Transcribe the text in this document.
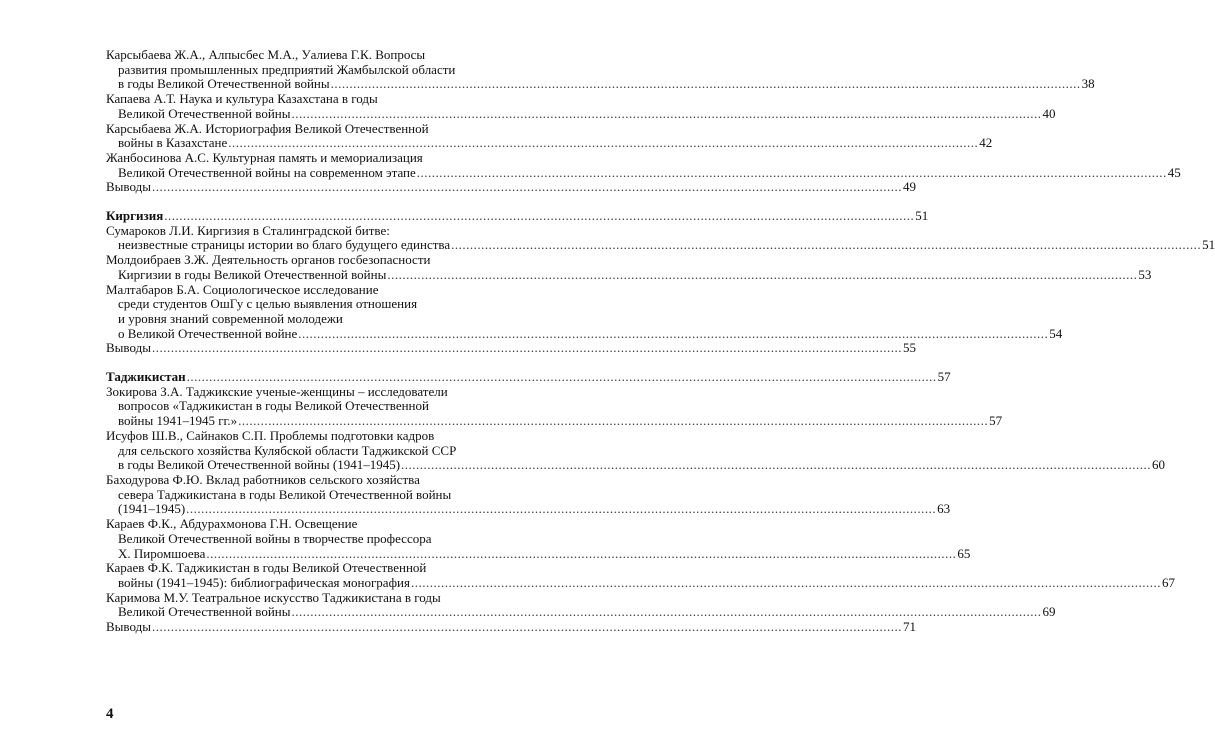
Карсыбаева Ж.А., Алпысбес М.А., Уалиева Г.К. Вопросы
развития промышленных предприятий Жамбылской области
в годы Великой Отечественной войны .....	38
Капаева А.Т. Наука и культура Казахстана в годы
Великой Отечественной войны .....	40
Карсыбаева Ж.А. Историография Великой Отечественной
войны в Казахстане .....	42
Жанбосинова А.С. Культурная память и мемориализация
Великой Отечественной войны на современном этапе .....	45
Выводы .....	49
Киргизия .....	51
Сумароков Л.И. Киргизия в Сталинградской битве:
неизвестные страницы истории во благо будущего единства .....	51
Молдоибраев З.Ж. Деятельность органов госбезопасности
Киргизии в годы Великой Отечественной войны .....	53
Малтабаров Б.А. Социологическое исследование
среди студентов ОшГу с целью выявления отношения
и уровня знаний современной молодежи
о Великой Отечественной войне .....	54
Выводы .....	55
Таджикистан .....	57
Зокирова З.А. Таджикские ученые-женщины – исследователи
вопросов «Таджикистан в годы Великой Отечественной
войны 1941–1945 гг.» .....	57
Исуфов Ш.В., Сайнаков С.П. Проблемы подготовки кадров
для сельского хозяйства Кулябской области Таджикской ССР
в годы Великой Отечественной войны (1941–1945) .....	60
Баходурова Ф.Ю. Вклад работников сельского хозяйства
севера Таджикистана в годы Великой Отечественной войны
(1941–1945) .....	63
Караев Ф.К., Абдурахмонова Г.Н. Освещение
Великой Отечественной войны в творчестве профессора
Х. Пиромшоева .....	65
Караев Ф.К. Таджикистан в годы Великой Отечественной
войны (1941–1945): библиографическая монография .....	67
Каримова М.У. Театральное искусство Таджикистана в годы
Великой Отечественной войны .....	69
Выводы .....	71
4
